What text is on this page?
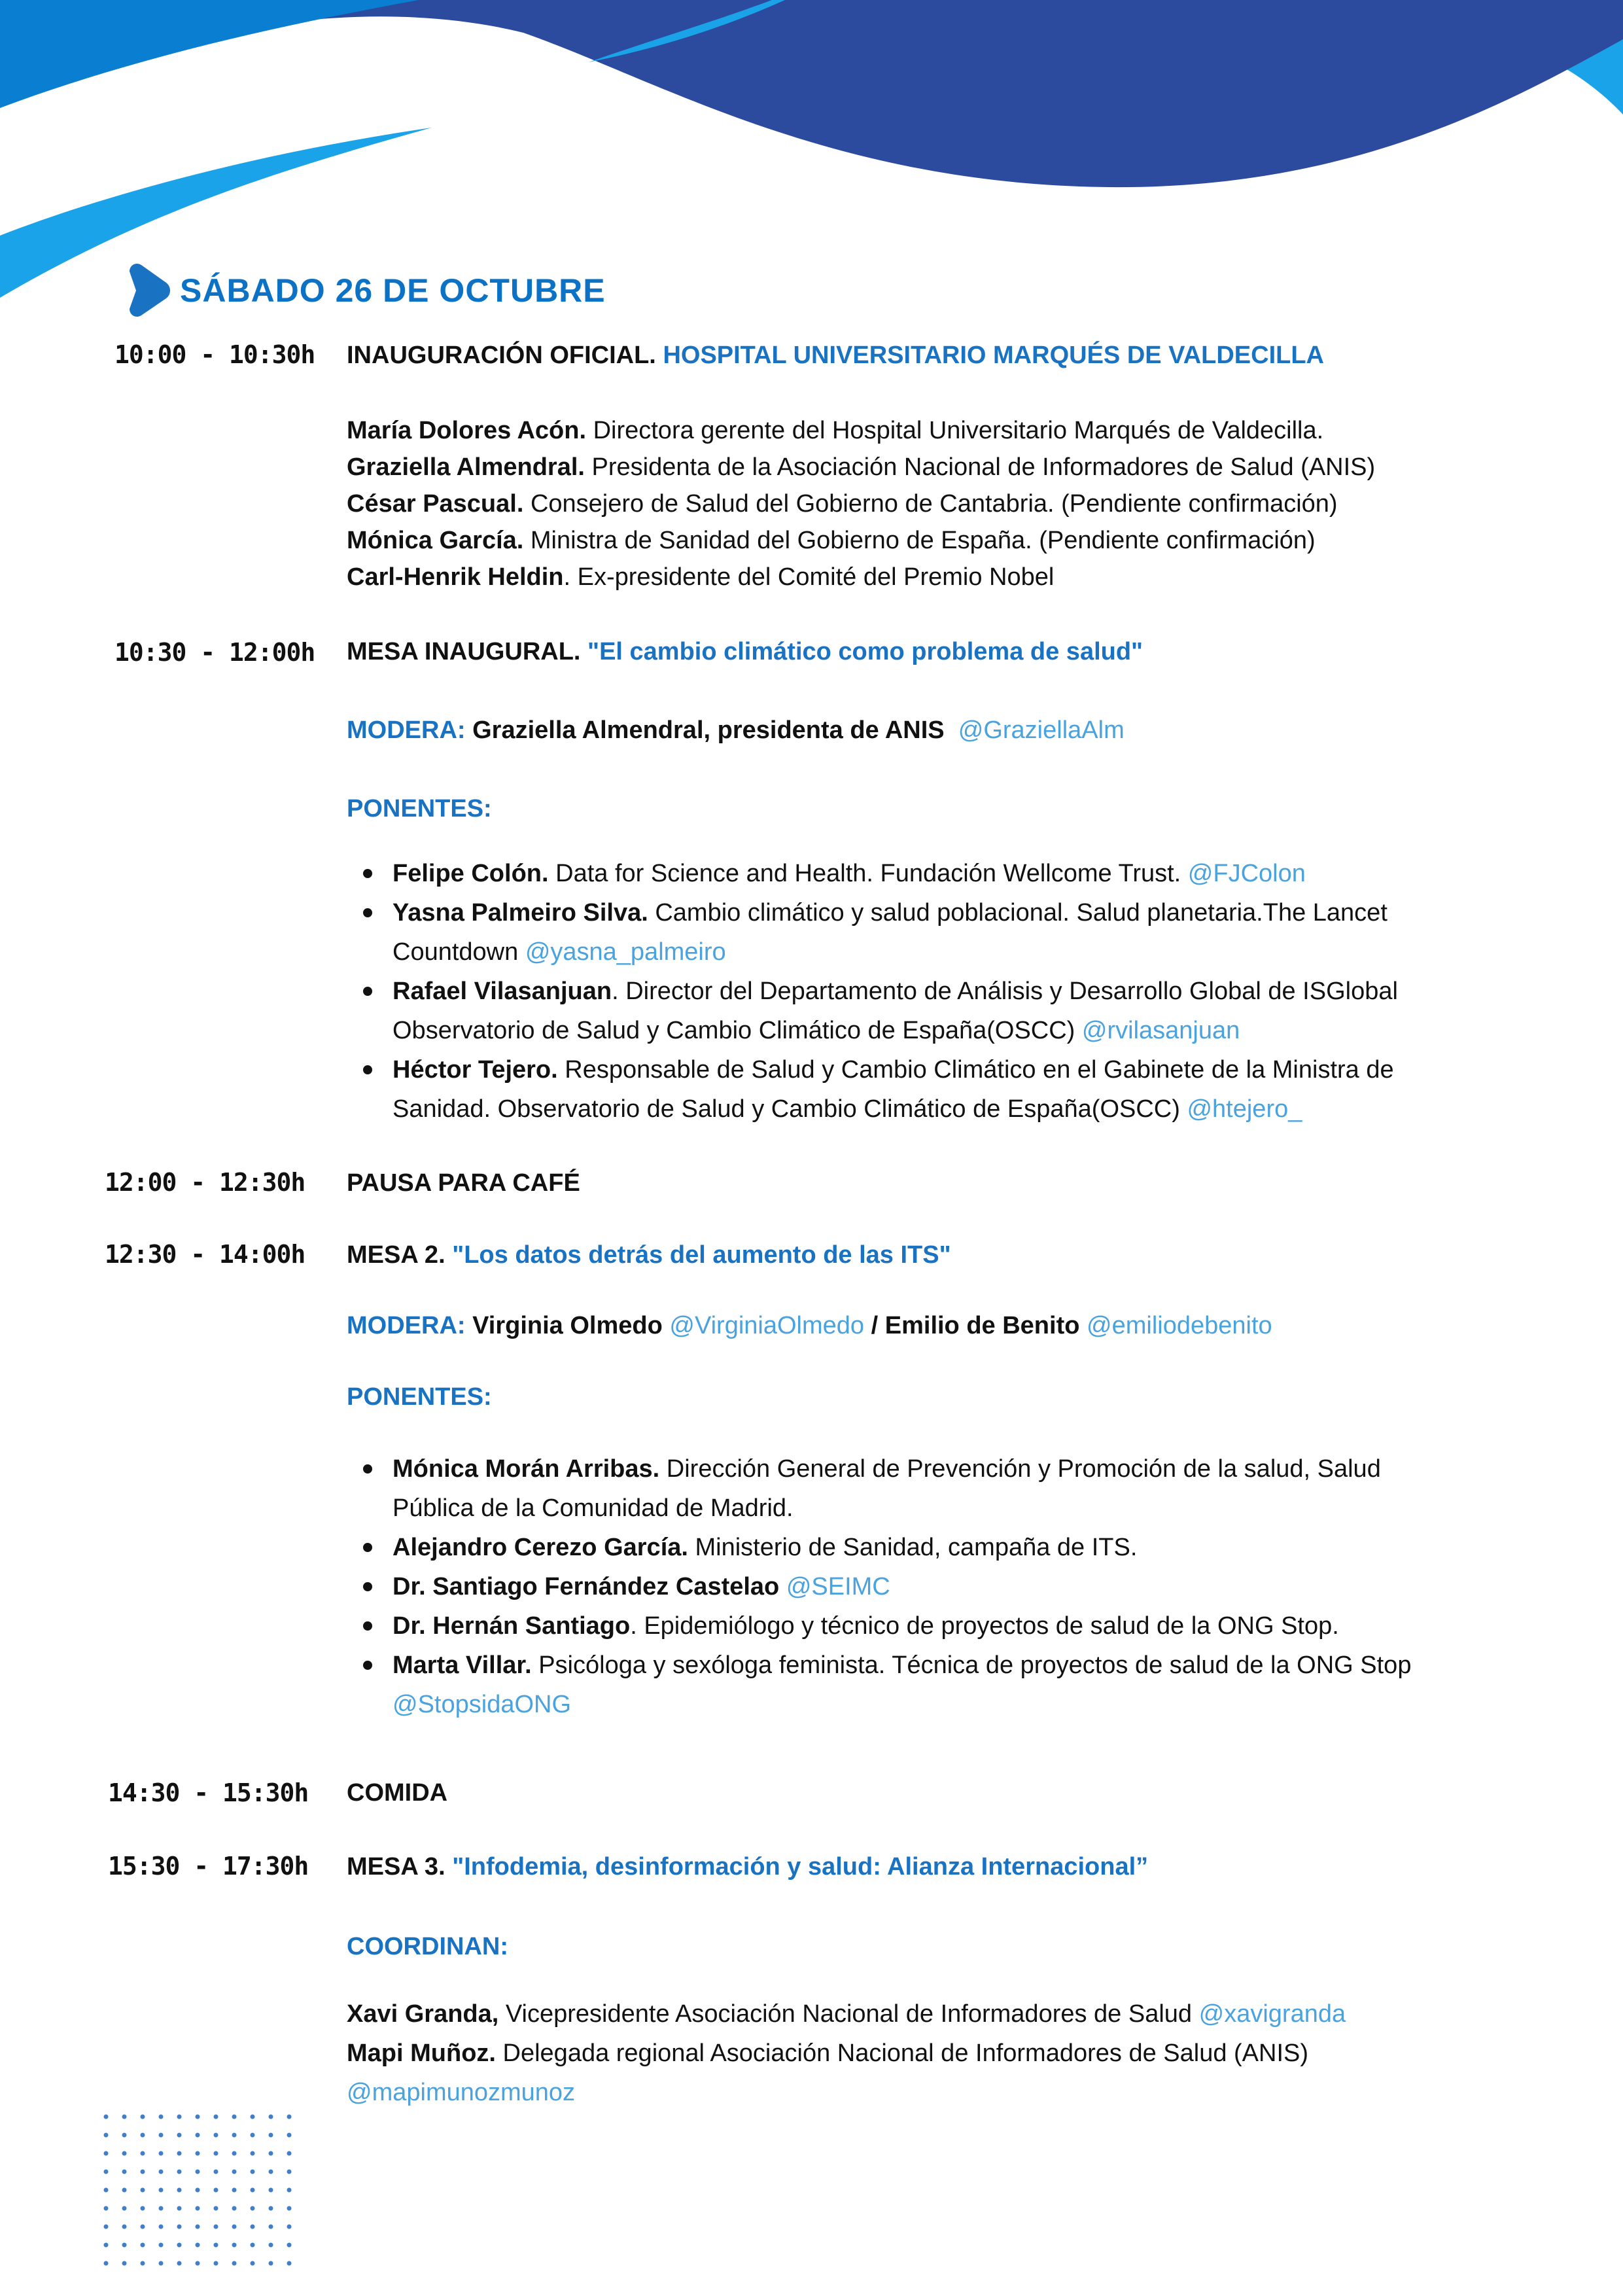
SÁBADO 26 DE OCTUBRE
10:00 - 10:30h INAUGURACIÓN OFICIAL. HOSPITAL UNIVERSITARIO MARQUÉS DE VALDECILLA
María Dolores Acón. Directora gerente del Hospital Universitario Marqués de Valdecilla.
Graziella Almendral. Presidenta de la Asociación Nacional de Informadores de Salud (ANIS)
César Pascual. Consejero de Salud del Gobierno de Cantabria. (Pendiente confirmación)
Mónica García. Ministra de Sanidad del Gobierno de España. (Pendiente confirmación)
Carl-Henrik Heldin. Ex-presidente del Comité del Premio Nobel
10:30 - 12:00h MESA INAUGURAL. "El cambio climático como problema de salud"
MODERA: Graziella Almendral, presidenta de ANIS @GraziellaAlm
PONENTES:
Felipe Colón. Data for Science and Health. Fundación Wellcome Trust. @FJColon
Yasna Palmeiro Silva. Cambio climático y salud poblacional. Salud planetaria.The Lancet
Countdown @yasna_palmeiro
Rafael Vilasanjuan. Director del Departamento de Análisis y Desarrollo Global de ISGlobal
Observatorio de Salud y Cambio Climático de España(OSCC) @rvilasanjuan
Héctor Tejero. Responsable de Salud y Cambio Climático en el Gabinete de la Ministra de
Sanidad. Observatorio de Salud y Cambio Climático de España(OSCC) @htejero_
12:00 - 12:30h PAUSA PARA CAFÉ
12:30 - 14:00h MESA 2. "Los datos detrás del aumento de las ITS"
MODERA: Virginia Olmedo @VirginiaOlmedo / Emilio de Benito @emiliodebenito
PONENTES:
Mónica Morán Arribas. Dirección General de Prevención y Promoción de la salud, Salud
Pública de la Comunidad de Madrid.
Alejandro Cerezo García. Ministerio de Sanidad, campaña de ITS.
Dr. Santiago Fernández Castelao @SEIMC
Dr. Hernán Santiago. Epidemiólogo y técnico de proyectos de salud de la ONG Stop.
Marta Villar. Psicóloga y sexóloga feminista. Técnica de proyectos de salud de la ONG Stop
@StopsidaONG
14:30 - 15:30h COMIDA
15:30 - 17:30h MESA 3. "Infodemia, desinformación y salud: Alianza Internacional”
COORDINAN:
Xavi Granda, Vicepresidente Asociación Nacional de Informadores de Salud @xavigranda
Mapi Muñoz. Delegada regional Asociación Nacional de Informadores de Salud (ANIS)
@mapimunozmunoz
